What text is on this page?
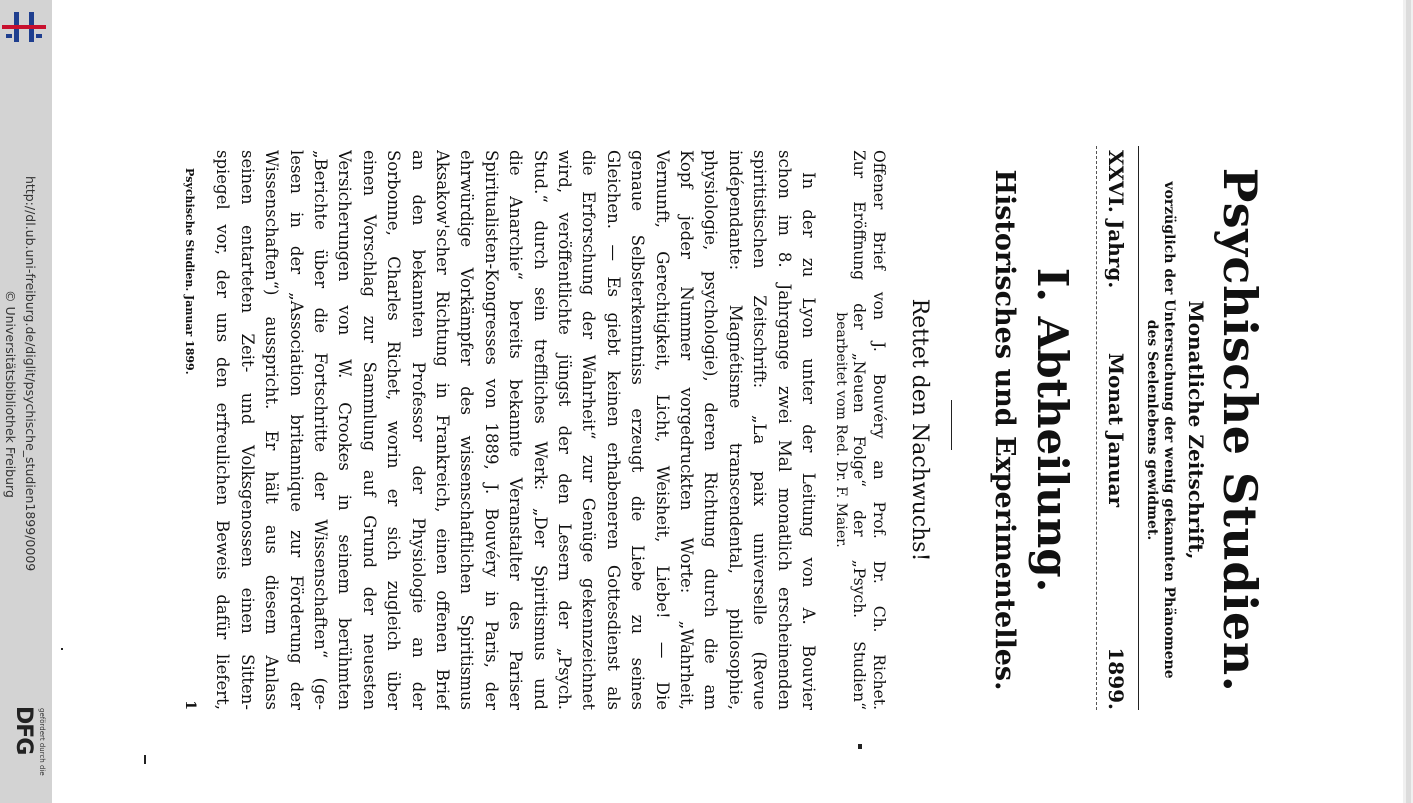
http://dl.ub.uni-freiburg.de/diglit/psychische_studien1899/0009
© Universitätsbibliothek Freiburg
gefördert durch die
DFG
Psychische Studien.
Monatliche Zeitschrift,
vorzüglich der Untersuchung der wenig gekannten Phänomene
des Seelenlebens gewidmet.
XXVI. Jahrg.
Monat Januar
1899.
I. Abtheilung.
Historisches und Experimentelles.
Rettet den Nachwuchs!
Offener Brief von J. Bouvéry an Prof. Dr. Ch. Richet.
Zur Eröffnung der „Neuen Folge“ der „Psych. Studien“
bearbeitet vom Red. Dr. F. Maier.
In der zu Lyon unter der Leitung von A. Bouvier
schon im 8. Jahrgange zwei Mal monatlich erscheinenden
spiritistischen Zeitschrift: „La paix universelle (Revue
indépendante: Magnétisme transcendental, philosophie,
physiologie, psychologie), deren Richtung durch die am
Kopf jeder Nummer vorgedruckten Worte: „Wahrheit,
Vernunft, Gerechtigkeit, Licht, Weisheit, Liebe! — Die
genaue Selbsterkenntniss erzeugt die Liebe zu seines
Gleichen. — Es giebt keinen erhabeneren Gottesdienst als
die Erforschung der Wahrheit“ zur Genüge gekennzeichnet
wird, veröffentlichte jüngst der den Lesern der „Psych.
Stud.“ durch sein treffliches Werk: „Der Spiritismus und
die Anarchie“ bereits bekannte Veranstalter des Pariser
Spiritualisten-Kongresses von 1889, J. Bouvéry in Paris, der
ehrwürdige Vorkämpfer des wissenschaftlichen Spiritismus
Aksakow'scher Richtung in Frankreich, einen offenen Brief
an den bekannten Professor der Physiologie an der
Sorbonne, Charles Richet, worin er sich zugleich über
einen Vorschlag zur Sammlung auf Grund der neuesten
Versicherungen von W. Crookes in seinem berühmten
„Berichte über die Fortschritte der Wissenschaften“ (ge-
lesen in der „Association britannique zur Förderung der
Wissenschaften“) ausspricht. Er hält aus diesem Anlass
seinen entarteten Zeit- und Volksgenossen einen Sitten-
spiegel vor, der uns den erfreulichen Beweis dafür liefert,
Psychische Studien. Januar 1899.
1
